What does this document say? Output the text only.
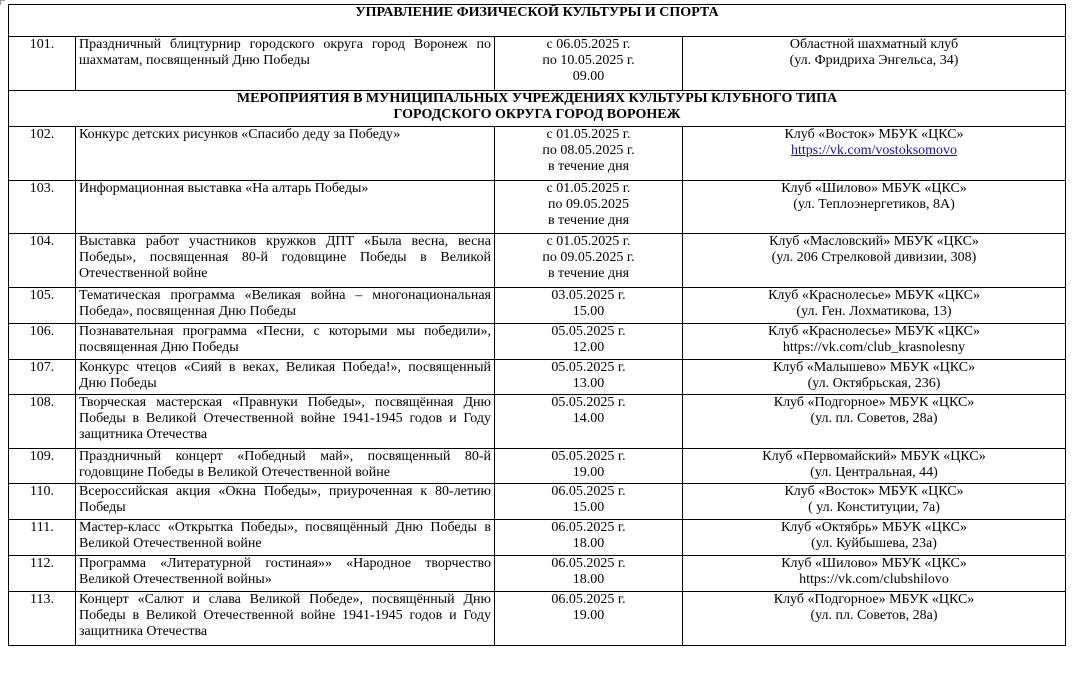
УПРАВЛЕНИЕ ФИЗИЧЕСКОЙ КУЛЬТУРЫ И СПОРТА			

101.	Праздничный блицтурнир городского округа город Воронеж по шахматам, посвященный Дню Победы	с 06.05.2025 г.
по 10.05.2025 г.
09.00	Областной шахматный клуб
(ул. Фридриха Энгельса, 34)

МЕРОПРИЯТИЯ В МУНИЦИПАЛЬНЫХ УЧРЕЖДЕНИЯХ КУЛЬТУРЫ КЛУБНОГО ТИПА
ГОРОДСКОГО ОКРУГА ГОРОД ВОРОНЕЖ			

102.	Конкурс детских рисунков «Спасибо деду за Победу»	с 01.05.2025 г.
по 08.05.2025 г.
в течение дня	Клуб «Восток» МБУК «ЦКС»
https://vk.com/vostoksomovo

103.	Информационная выставка «На алтарь Победы»	с 01.05.2025 г.
по 09.05.2025
в течение дня	Клуб «Шилово» МБУК «ЦКС»
(ул. Теплоэнергетиков, 8А)

104.	Выставка работ участников кружков ДПТ «Была весна, весна Победы», посвященная 80-й годовщине Победы в Великой Отечественной войне	с 01.05.2025 г.
по 09.05.2025 г.
в течение дня	Клуб «Масловский» МБУК «ЦКС»
(ул. 206 Стрелковой дивизии, 308)

105.	Тематическая программа «Великая война – многонациональная Победа», посвященная Дню Победы	03.05.2025 г.
15.00	Клуб «Краснолесье» МБУК «ЦКС»
(ул. Ген. Лохматикова, 13)

106.	Познавательная программа «Песни, с которыми мы победили», посвященная Дню Победы	05.05.2025 г.
12.00	Клуб «Краснолесье» МБУК «ЦКС»
https://vk.com/club_krasnolesny

107.	Конкурс чтецов «Сияй в веках, Великая Победа!», посвященный Дню Победы	05.05.2025 г.
13.00	Клуб «Малышево» МБУК «ЦКС»
(ул. Октябрьская, 236)

108.	Творческая мастерская «Правнуки Победы», посвящённая Дню Победы в Великой Отечественной войне 1941-1945 годов и Году защитника Отечества	05.05.2025 г.
14.00	Клуб «Подгорное» МБУК «ЦКС»
(ул. пл. Советов, 28а)

109.	Праздничный концерт «Победный май», посвященный 80-й годовщине Победы в Великой Отечественной войне	05.05.2025 г.
19.00	Клуб «Первомайский» МБУК «ЦКС»
(ул. Центральная, 44)

110.	Всероссийская акция «Окна Победы», приуроченная к 80-летию Победы	06.05.2025 г.
15.00	Клуб «Восток» МБУК «ЦКС»
( ул. Конституции, 7а)

111.	Мастер-класс «Открытка Победы», посвящённый Дню Победы в Великой Отечественной войне	06.05.2025 г.
18.00	Клуб «Октябрь» МБУК «ЦКС»
(ул. Куйбышева, 23а)

112.	Программа «Литературной гостиная»» «Народное творчество Великой Отечественной войны»	06.05.2025 г.
18.00	Клуб «Шилово» МБУК «ЦКС»
https://vk.com/clubshilovo

113.	Концерт «Салют и слава Великой Победе», посвящённый Дню Победы в Великой Отечественной войне 1941-1945 годов и Году защитника Отечества	06.05.2025 г.
19.00	Клуб «Подгорное» МБУК «ЦКС»
(ул. пл. Советов, 28а)
